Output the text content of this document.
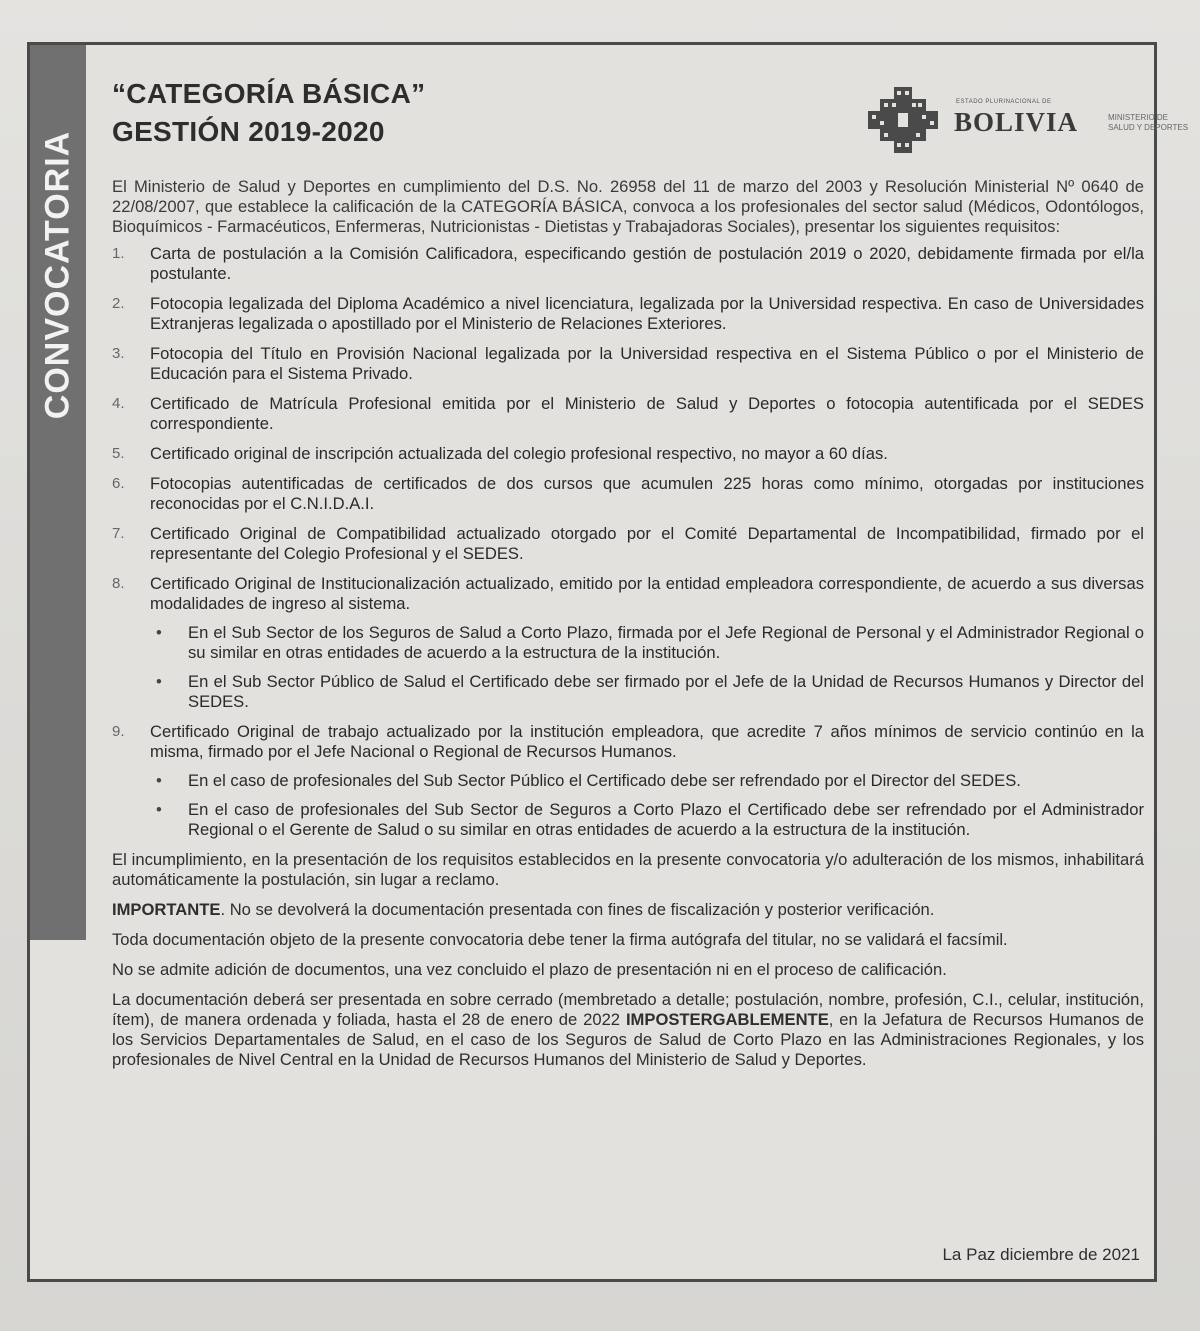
CONVOCATORIA
“CATEGORÍA BÁSICA”
GESTIÓN 2019-2020
ESTADO PLURINACIONAL DE
BOLIVIA	MINISTERIO DE
SALUD Y DEPORTES

El Ministerio de Salud y Deportes en cumplimiento del D.S. No. 26958 del 11 de marzo del 2003 y Resolución Ministerial Nº 0640 de 22/08/2007, que establece la calificación de la CATEGORÍA BÁSICA, convoca a los profesionales del sector salud (Médicos, Odontólogos, Bioquímicos - Farmacéuticos, Enfermeras, Nutricionistas - Dietistas y Trabajadoras Sociales), presentar los siguientes requisitos:

1. Carta de postulación a la Comisión Calificadora, especificando gestión de postulación 2019 o 2020, debidamente firmada por el/la postulante.
2. Fotocopia legalizada del Diploma Académico a nivel licenciatura, legalizada por la Universidad respectiva. En caso de Universidades Extranjeras legalizada o apostillado por el Ministerio de Relaciones Exteriores.
3. Fotocopia del Título en Provisión Nacional legalizada por la Universidad respectiva en el Sistema Público o por el Ministerio de Educación para el Sistema Privado.
4. Certificado de Matrícula Profesional emitida por el Ministerio de Salud y Deportes o fotocopia autentificada por el SEDES correspondiente.
5. Certificado original de inscripción actualizada del colegio profesional respectivo, no mayor a 60 días.
6. Fotocopias autentificadas de certificados de dos cursos que acumulen 225 horas como mínimo, otorgadas por instituciones reconocidas por el C.N.I.D.A.I.
7. Certificado Original de Compatibilidad actualizado otorgado por el Comité Departamental de Incompatibilidad, firmado por el representante del Colegio Profesional y el SEDES.
8. Certificado Original de Institucionalización actualizado, emitido por la entidad empleadora correspondiente, de acuerdo a sus diversas modalidades de ingreso al sistema.
• En el Sub Sector de los Seguros de Salud a Corto Plazo, firmada por el Jefe Regional de Personal y el Administrador Regional o su similar en otras entidades de acuerdo a la estructura de la institución.
• En el Sub Sector Público de Salud el Certificado debe ser firmado por el Jefe de la Unidad de Recursos Humanos y Director del SEDES.
9. Certificado Original de trabajo actualizado por la institución empleadora, que acredite 7 años mínimos de servicio continúo en la misma, firmado por el Jefe Nacional o Regional de Recursos Humanos.
• En el caso de profesionales del Sub Sector Público el Certificado debe ser refrendado por el Director del SEDES.
• En el caso de profesionales del Sub Sector de Seguros a Corto Plazo el Certificado debe ser refrendado por el Administrador Regional o el Gerente de Salud o su similar en otras entidades de acuerdo a la estructura de la institución.

El incumplimiento, en la presentación de los requisitos establecidos en la presente convocatoria y/o adulteración de los mismos, inhabilitará automáticamente la postulación, sin lugar a reclamo.

IMPORTANTE. No se devolverá la documentación presentada con fines de fiscalización y posterior verificación.

Toda documentación objeto de la presente convocatoria debe tener la firma autógrafa del titular, no se validará el facsímil.

No se admite adición de documentos, una vez concluido el plazo de presentación ni en el proceso de calificación.

La documentación deberá ser presentada en sobre cerrado (membretado a detalle; postulación, nombre, profesión, C.I., celular, institución, ítem), de manera ordenada y foliada, hasta el 28 de enero de 2022 IMPOSTERGABLEMENTE, en la Jefatura de Recursos Humanos de los Servicios Departamentales de Salud, en el caso de los Seguros de Salud de Corto Plazo en las Administraciones Regionales, y los profesionales de Nivel Central en la Unidad de Recursos Humanos del Ministerio de Salud y Deportes.

La Paz diciembre de 2021
